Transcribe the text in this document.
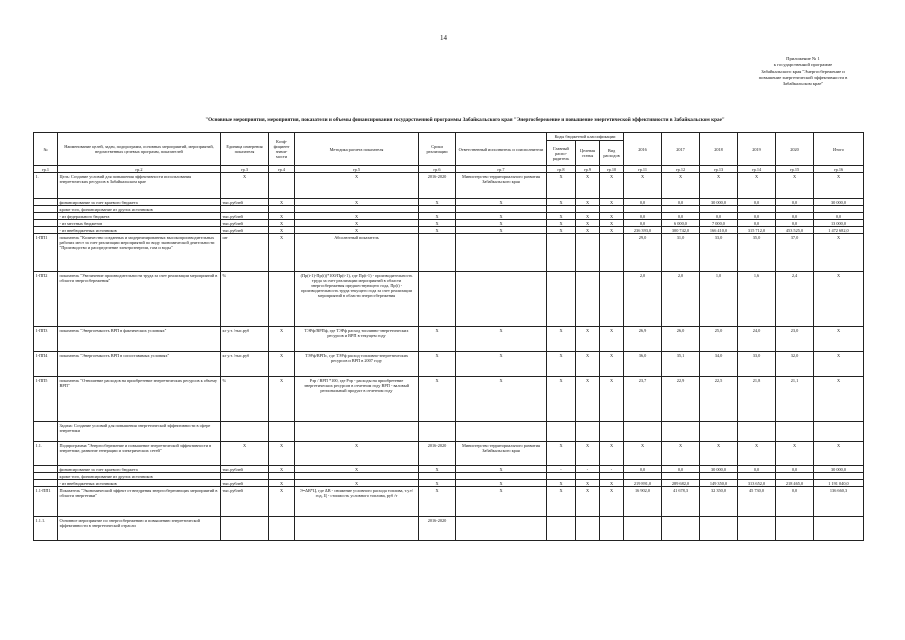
14
Приложение № 1
к государственной программе
Забайкальского края "Энергосбережение и
повышение энергетической эффективности в
Забайкальском крае"
"Основные мероприятия, мероприятия, показатели и объемы финансирования государственной программы Забайкальского края "Энергосбережение и повышение энергетической эффективности в Забайкальском крае"
№	Наименование целей, задач, подпрограмм, основных мероприятий, мероприятий, ведомственных целевых программ, показателей	Единица измерения показателя	Коэф-фициент значи-мости	Методика расчета показателя	Сроки реализации	Ответственный исполнитель и соисполнители	Коды бюджетной классификации			2016	2017	2018	2019	2020	Итого
							Главный распо-рядитель	Целевая статья	Вид расходов						
гр.1	гр.2	гр.3	гр.4	гр.5	гр.6	гр.7	гр.8	гр.9	гр.10	гр.11	гр.12	гр.13	гр.14	гр.15	гр.16
1.	Цель: Создание условий для повышения эффективности использования энергетических ресурсов в Забайкальском крае	X		X	2016-2020	Министерство территориального развития Забайкальского края	X	X	X	X	X	X	X	X	X
	финансирование за счет краевого бюджета	тыс.рублей	X	X	X	X	X	X	X	0,0	0,0	30 000,0	0,0	0,0	30 000,0
	кроме того, финансирование из других источников														
	- из федерального бюджета	тыс.рублей	X	X	X	X	X	X	X	0,0	0,0	0,0	0,0	0,0	0,0
	- из местных бюджетов	тыс.рублей	X	X	X	X	X	X	X	0,0	6 000,0	7 000,0	0,0	0,0	13 000,0
	- из внебюджетных источников	тыс.рублей	X	X	X	X	X	X	X	236 393,0	300 742,0	166 410,0	315 712,0	453 525,0	1 472 682,0
1-ПП1	показатель "Количество созданных и модернизированных высокопроизводительных рабочих мест за счет реализации мероприятий по виду экономической деятельности "Производство и распределение электроэнергии, газа и воды"	шт	X	Абсолютный показатель						29,0	31,0	33,0	35,0	37,0	X
1-ПП2	показатель "Увеличение производительности труда за счет реализации мероприятий в области энергосбережения"	%		(Пр(t-1)-Пр(t))*100/Пр(t-1), где Пр(t-1) - производительность труда за счет реализации мероприятий в области энергосбережения предшествующего года, Пр(t) - производительность труда текущего года за счет реализации мероприятий в области энергосбережения						2,0	2,0	1,0	1,6	2,4	X
1-ПП3	показатель "Энергоемкость ВРП в фактических условиях"	кг у.т. /тыс.руб	X	ТЭРф/ВРПф, где ТЭРф расход топливно-энергетических ресурсов и ВРП в текущем году	X	X	X	X	X	26,9	26,0	25,0	24,0	23,0	X
1-ПП4	показатель "Энергоемкость ВРП в сопоставимых условиях"	кг у.т. /тыс.руб	X	ТЭРф/ВРПс, где ТЭРф расход топливно-энергетических ресурсов и ВРП в 2007 году	X	X	X	X	X	36,0	35,1	34,0	33,0	32,0	X
1-ПП5	показатель "Отношение расходов на приобретение энергетических ресурсов к объему ВРП"	%	X	Рэр / ВРП *100, где Рэр - расходы на приобретение энергетических ресурсов в отчетном году ВРП - валовый региональный продукт в отчетном году	X	X	X	X	X	23,7	22,9	22,5	21,8	21,1	X
	Задача: Создание условий для повышения энергетической эффективности в сфере энергетики														
1.1.	Подпрограмма "Энергосбережение и повышение энергетической эффективности в энергетике, развитие генерации и электрических сетей"	X	X	X	2016-2020	Министерство территориального развития Забайкальского края	X	X	X	X	X	X	X	X	X
	финансирование за счет краевого бюджета	тыс.рублей	X	X	X	X	-	-	-	0,0	0,0	30 000,0	0,0	0,0	30 000,0
	кроме того, финансирование из других источников														
	- из внебюджетных источников	тыс.рублей	X	X	X	X	X	X	X	219 891,0	289 682,0	149 350,0	313 652,0	218 465,0	1 191 040,0
1.1-ПП1	Показатель "Экономический эффект от внедрения энергосберегающих мероприятий в области энергетики"	тыс.рублей	X	Э=ΔВ*Ц, где ΔВ - снижение условного расхода топлива, т.у.т/год, Ц - стоимость условного топлива, руб /т	X	X	X	X	X	16 902,0	41 678,3	32 350,0	45 730,0	0,0	136 660,3
1.1.1.	Основное мероприятие по энергосбережению и повышению энергетической эффективности в энергетической отрасли				2016-2020										
